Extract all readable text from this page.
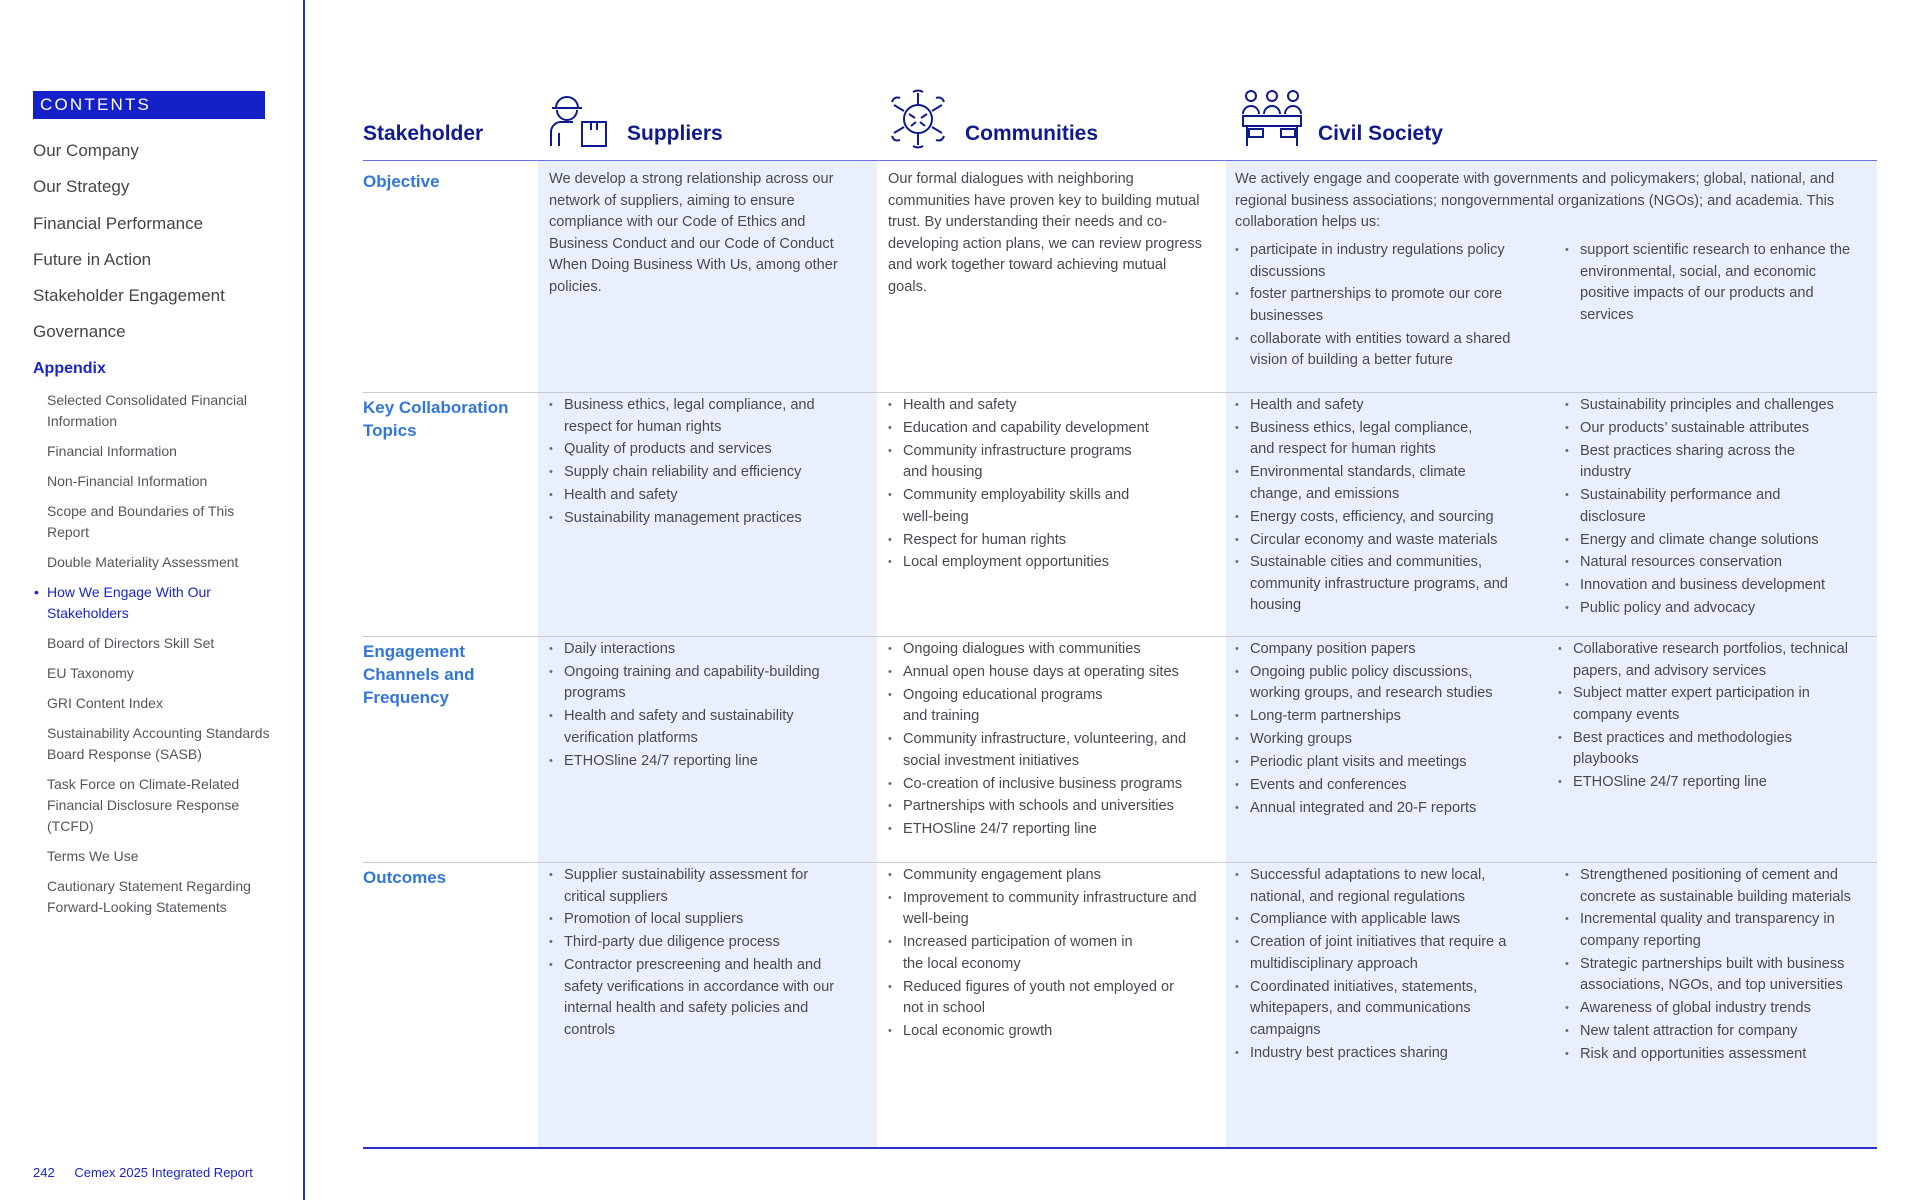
CONTENTS
Our Company
Our Strategy
Financial Performance
Future in Action
Stakeholder Engagement
Governance
Appendix
Selected Consolidated Financial Information
Financial Information
Non-Financial Information
Scope and Boundaries of This Report
Double Materiality Assessment
• How We Engage With Our Stakeholders
Board of Directors Skill Set
EU Taxonomy
GRI Content Index
Sustainability Accounting Standards Board Response (SASB)
Task Force on Climate-Related Financial Disclosure Response (TCFD)
Terms We Use
Cautionary Statement Regarding Forward-Looking Statements
242 Cemex 2025 Integrated Report
Stakeholder	Suppliers	Communities	Civil Society
Objective	We develop a strong relationship across our network of suppliers, aiming to ensure compliance with our Code of Ethics and Business Conduct and our Code of Conduct When Doing Business With Us, among other policies.

Our formal dialogues with neighboring communities have proven key to building mutual trust. By understanding their needs and co-developing action plans, we can review progress and work together toward achieving mutual goals.

We actively engage and cooperate with governments and policymakers; global, national, and regional business associations; nongovernmental organizations (NGOs); and academia. This collaboration helps us:

• participate in industry regulations policy discussions
• foster partnerships to promote our core businesses
• collaborate with entities toward a shared vision of building a better future
• support scientific research to enhance the environmental, social, and economic positive impacts of our products and services
Key Collaboration Topics
• Business ethics, legal compliance, and respect for human rights
• Quality of products and services
• Supply chain reliability and efficiency
• Health and safety
• Sustainability management practices
• Health and safety
• Education and capability development
• Community infrastructure programs and housing
• Community employability skills and well-being
• Respect for human rights
• Local employment opportunities
• Health and safety
• Business ethics, legal compliance, and respect for human rights
• Environmental standards, climate change, and emissions
• Energy costs, efficiency, and sourcing
• Circular economy and waste materials
• Sustainable cities and communities, community infrastructure programs, and housing
• Sustainability principles and challenges
• Our products’ sustainable attributes
• Best practices sharing across the industry
• Sustainability performance and disclosure
• Energy and climate change solutions
• Natural resources conservation
• Innovation and business development
• Public policy and advocacy
Engagement Channels and Frequency
• Daily interactions
• Ongoing training and capability-building programs
• Health and safety and sustainability verification platforms
• ETHOSline 24/7 reporting line
• Ongoing dialogues with communities
• Annual open house days at operating sites
• Ongoing educational programs and training
• Community infrastructure, volunteering, and social investment initiatives
• Co-creation of inclusive business programs
• Partnerships with schools and universities
• ETHOSline 24/7 reporting line
• Company position papers
• Ongoing public policy discussions, working groups, and research studies
• Long-term partnerships
• Working groups
• Periodic plant visits and meetings
• Events and conferences
• Annual integrated and 20-F reports
• Collaborative research portfolios, technical papers, and advisory services
• Subject matter expert participation in company events
• Best practices and methodologies playbooks
• ETHOSline 24/7 reporting line
Outcomes
•	Supplier sustainability assessment for critical suppliers
• Promotion of local suppliers
• Third-party due diligence process
• Contractor prescreening and health and safety verifications in accordance with our internal health and safety policies and controls
• Community engagement plans
• Improvement to community infrastructure and well-being
• Increased participation of women in the local economy
• Reduced figures of youth not employed or not in school
• Local economic growth
• Successful adaptations to new local, national, and regional regulations
• Compliance with applicable laws
• Creation of joint initiatives that require a multidisciplinary approach
• Coordinated initiatives, statements, whitepapers, and communications campaigns
• Industry best practices sharing
• Strengthened positioning of cement and concrete as sustainable building materials
• Incremental quality and transparency in company reporting
• Strategic partnerships built with business associations, NGOs, and top universities
• Awareness of global industry trends
• New talent attraction for company
• Risk and opportunities assessment
